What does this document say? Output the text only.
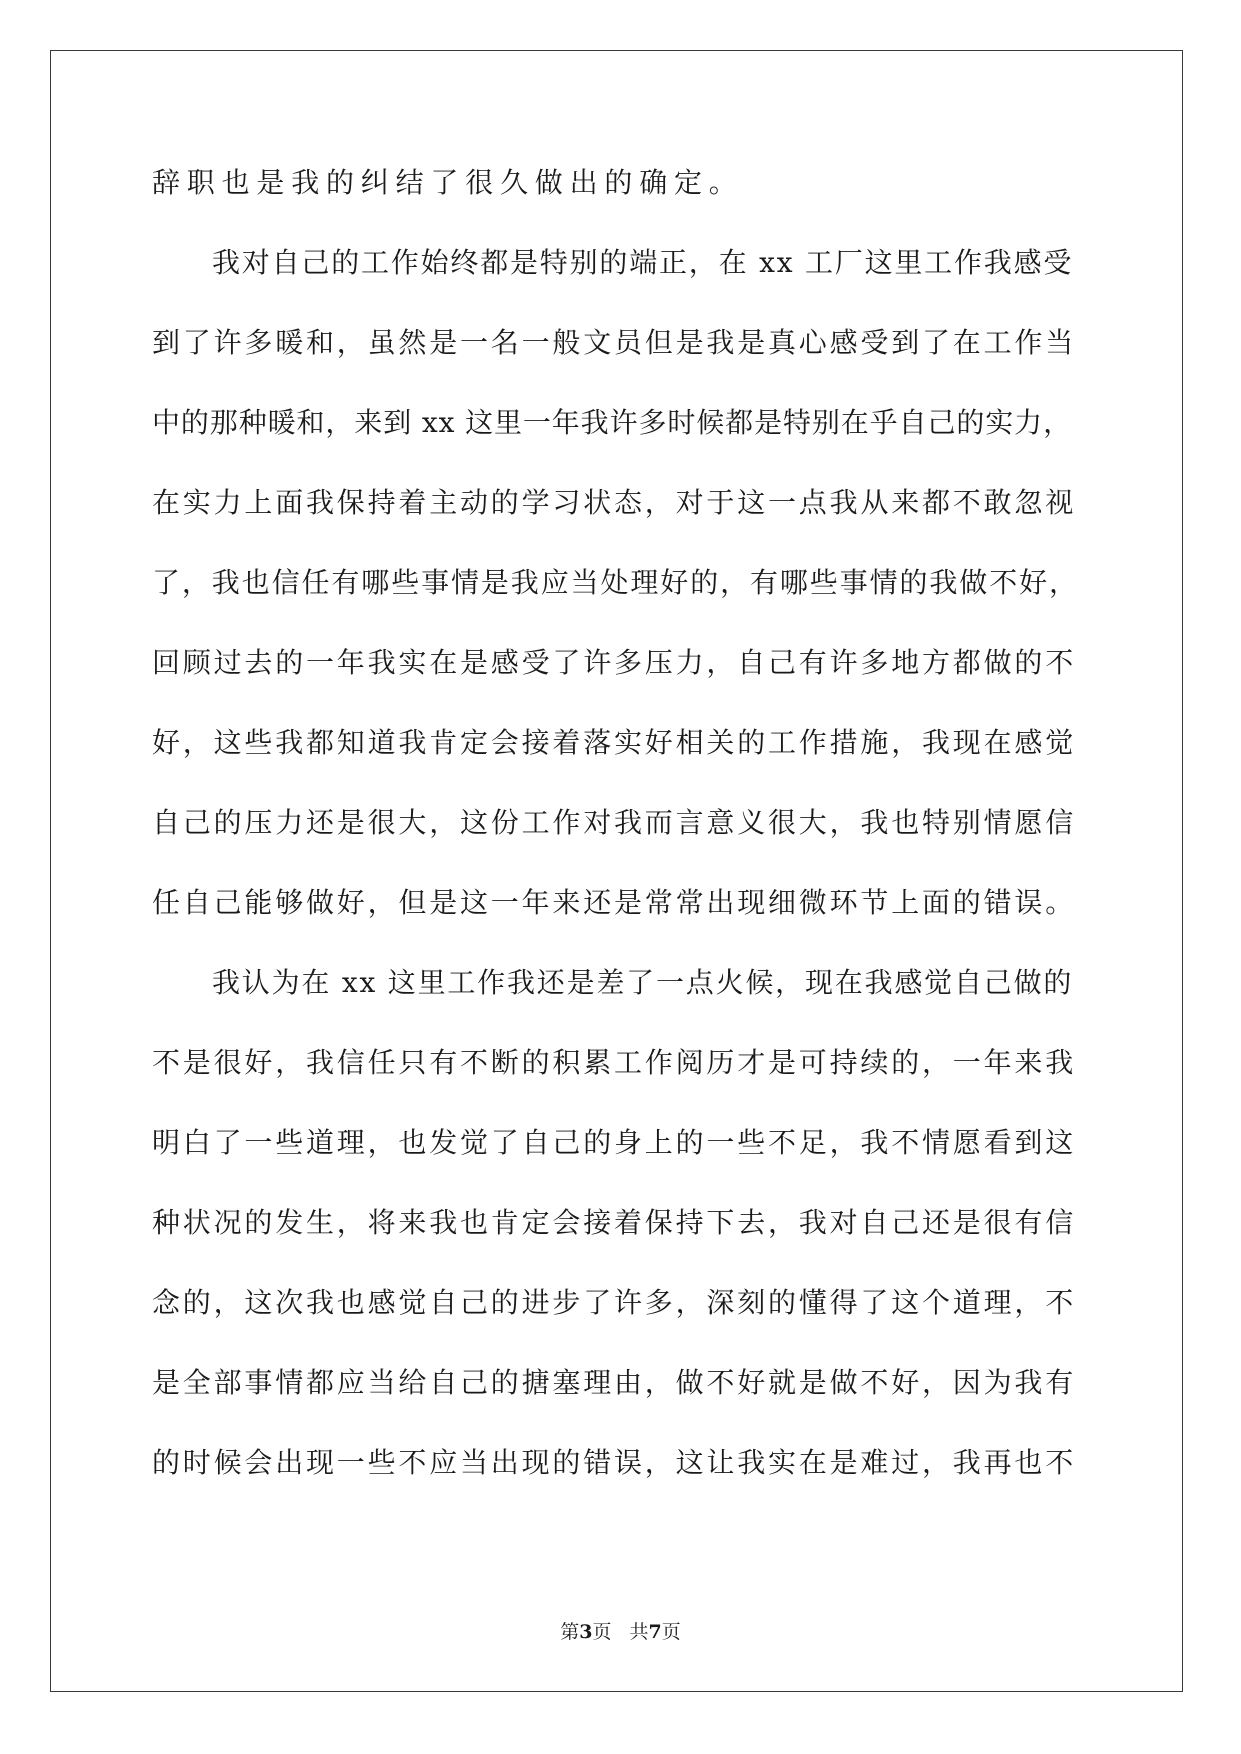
辞职也是我的纠结了很久做出的确定。
我对自己的工作始终都是特别的端正，在 xx 工厂这里工作我感受
到了许多暖和，虽然是一名一般文员但是我是真心感受到了在工作当
中的那种暖和，来到 xx 这里一年我许多时候都是特别在乎自己的实力，
在实力上面我保持着主动的学习状态，对于这一点我从来都不敢忽视
了，我也信任有哪些事情是我应当处理好的，有哪些事情的我做不好，
回顾过去的一年我实在是感受了许多压力，自己有许多地方都做的不
好，这些我都知道我肯定会接着落实好相关的工作措施，我现在感觉
自己的压力还是很大，这份工作对我而言意义很大，我也特别情愿信
任自己能够做好，但是这一年来还是常常出现细微环节上面的错误。
我认为在 xx 这里工作我还是差了一点火候，现在我感觉自己做的
不是很好，我信任只有不断的积累工作阅历才是可持续的，一年来我
明白了一些道理，也发觉了自己的身上的一些不足，我不情愿看到这
种状况的发生，将来我也肯定会接着保持下去，我对自己还是很有信
念的，这次我也感觉自己的进步了许多，深刻的懂得了这个道理，不
是全部事情都应当给自己的搪塞理由，做不好就是做不好，因为我有
的时候会出现一些不应当出现的错误，这让我实在是难过，我再也不
第3页 共7页
